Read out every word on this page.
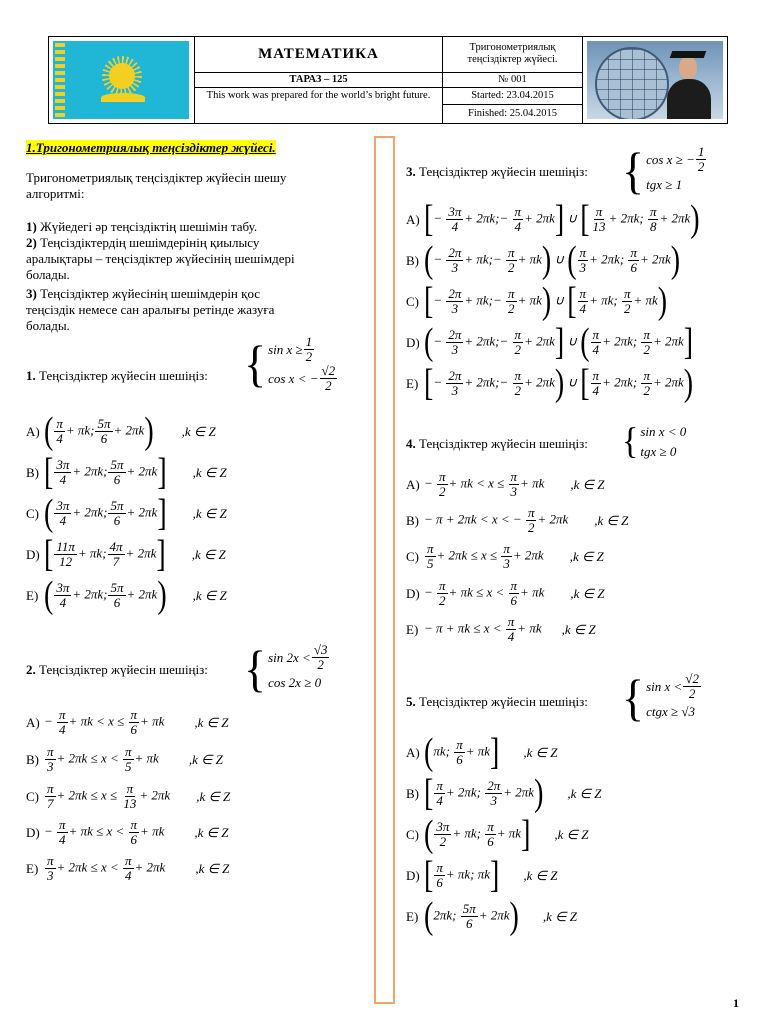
МАТЕМАТИКА	Тригонометриялық теңсіздіктер жүйесі.
ТАРАЗ – 125	№ 001
This work was prepared for the world’s bright future.	Started: 23.04.2015
Finished: 25.04.2015
1.Тригонометриялық теңсіздіктер жүйесі.
Тригонометриялық теңсіздіктер жүйесін шешу
алгоритмі:
1) Жүйедегі әр теңсіздіктің шешімін табу.
2) Теңсіздіктердің шешімдерінің қиылысу
аралықтары – теңсіздіктер жүйесінің шешімдері
болады.
3) Теңсіздіктер жүйесінің шешімдерін қос
теңсіздік немесе сан аралығы ретінде жазуға
болады.
1. Теңсіздіктер жүйесін шешіңіз: { $\sin x \ge \frac{1}{2}$
cos x < − $\frac{√2}{2}$
A) ( $\frac{\pi}{4} + \pi k$; $\frac{5\pi}{6} + 2\pi k$) ,k ∈ Z
B) [ $\frac{3\pi}{4} + 2\pi k$; $\frac{5\pi}{6} + 2\pi k$] ,k ∈ Z
C) ( $\frac{3\pi}{4} + 2\pi k$; $\frac{5\pi}{6} + 2\pi k$] ,k ∈ Z
D) [ $\frac{11\pi}{12} + \pi k$; $\frac{4\pi}{7} + 2\pi k$] ,k ∈ Z
E) ( $\frac{3\pi}{4} + 2\pi k$; $\frac{5\pi}{6} + 2\pi k$) ,k ∈ Z
2. Теңсіздіктер жүйесін шешіңіз: { $\sin 2x < \frac{√3}{2}$
cos 2x ≥ 0
$A) - \frac{\pi}{4} + \pi k < x \le \frac{\pi}{6} + \pi k$ ,k ∈ Z
$B) \frac{\pi}{3} + 2\pi k \le x < \frac{\pi}{5} + \pi k$ ,k ∈ Z
$C) \frac{\pi}{7} + 2\pi k \le x \le \frac{\pi}{13} + 2\pi k$ ,k ∈ Z
$D) - \frac{\pi}{4} + \pi k \le x < \frac{\pi}{6} + \pi k$ ,k ∈ Z
$E) \frac{\pi}{3} + 2\pi k \le x < \frac{\pi}{4} + 2\pi k$ ,k ∈ Z
3. Теңсіздіктер жүйесін шешіңіз: { cos x ≥ − $\frac{1}{2}$
tgx ≥ 1
A) [− $\frac{3\pi}{4}$ + 2πk;− $\frac{\pi}{4} + 2\pi k$] ∪ [ $\frac{\pi}{13} + 2\pi k$; $\frac{\pi}{8} + 2\pi k$)
B) (− $\frac{2\pi}{3}$ + πk;− $\frac{\pi}{2} + \pi k$) ∪ ( $\frac{\pi}{3} + 2\pi k$; $\frac{\pi}{6} + 2\pi k$)
C) [− $\frac{2\pi}{3}$ + πk;− $\frac{\pi}{2} + \pi k$) ∪ [ $\frac{\pi}{4} + \pi k$; $\frac{\pi}{2} + \pi k$)
D) (− $\frac{2\pi}{3}$ + 2πk;− $\frac{\pi}{2} + 2\pi k$] ∪ ( $\frac{\pi}{4} + 2\pi k$; $\frac{\pi}{2} + 2\pi k$]
E) [− $\frac{2\pi}{3}$ + 2πk;− $\frac{\pi}{2} + 2\pi k$) ∪ [ $\frac{\pi}{4} + 2\pi k$; $\frac{\pi}{2} + 2\pi k$)
4. Теңсіздіктер жүйесін шешіңіз: { sin x < 0
tgx ≥ 0
$A) - \frac{\pi}{2} + \pi k < x \le \frac{\pi}{3} + \pi k$ ,k ∈ Z
B) − π + 2πk < x < − $\frac{\pi}{2} + 2\pi k$ ,k ∈ Z
$C) \frac{\pi}{5} + 2\pi k \le x \le \frac{\pi}{3} + 2\pi k$ ,k ∈ Z
$D) - \frac{\pi}{2} + \pi k \le x < \frac{\pi}{6} + \pi k$ ,k ∈ Z
$E) - \pi + \pi k \le x < \frac{\pi}{4} + \pi k$ ,k ∈ Z
5. Теңсіздіктер жүйесін шешіңіз: { $\sin x < \frac{√2}{2}$
ctgx ≥ √3
A) (πk; $\frac{\pi}{6} + \pi k$] ,k ∈ Z
B) [ $\frac{\pi}{4} + 2\pi k$; $\frac{2\pi}{3} + 2\pi k$) ,k ∈ Z
C) ( $\frac{3\pi}{2} + \pi k$; $\frac{\pi}{6} + \pi k$] ,k ∈ Z
D) [ $\frac{\pi}{6} + \pi k$; πk] ,k ∈ Z
E) (2πk; $\frac{5\pi}{6} + 2\pi k$) ,k ∈ Z
1
